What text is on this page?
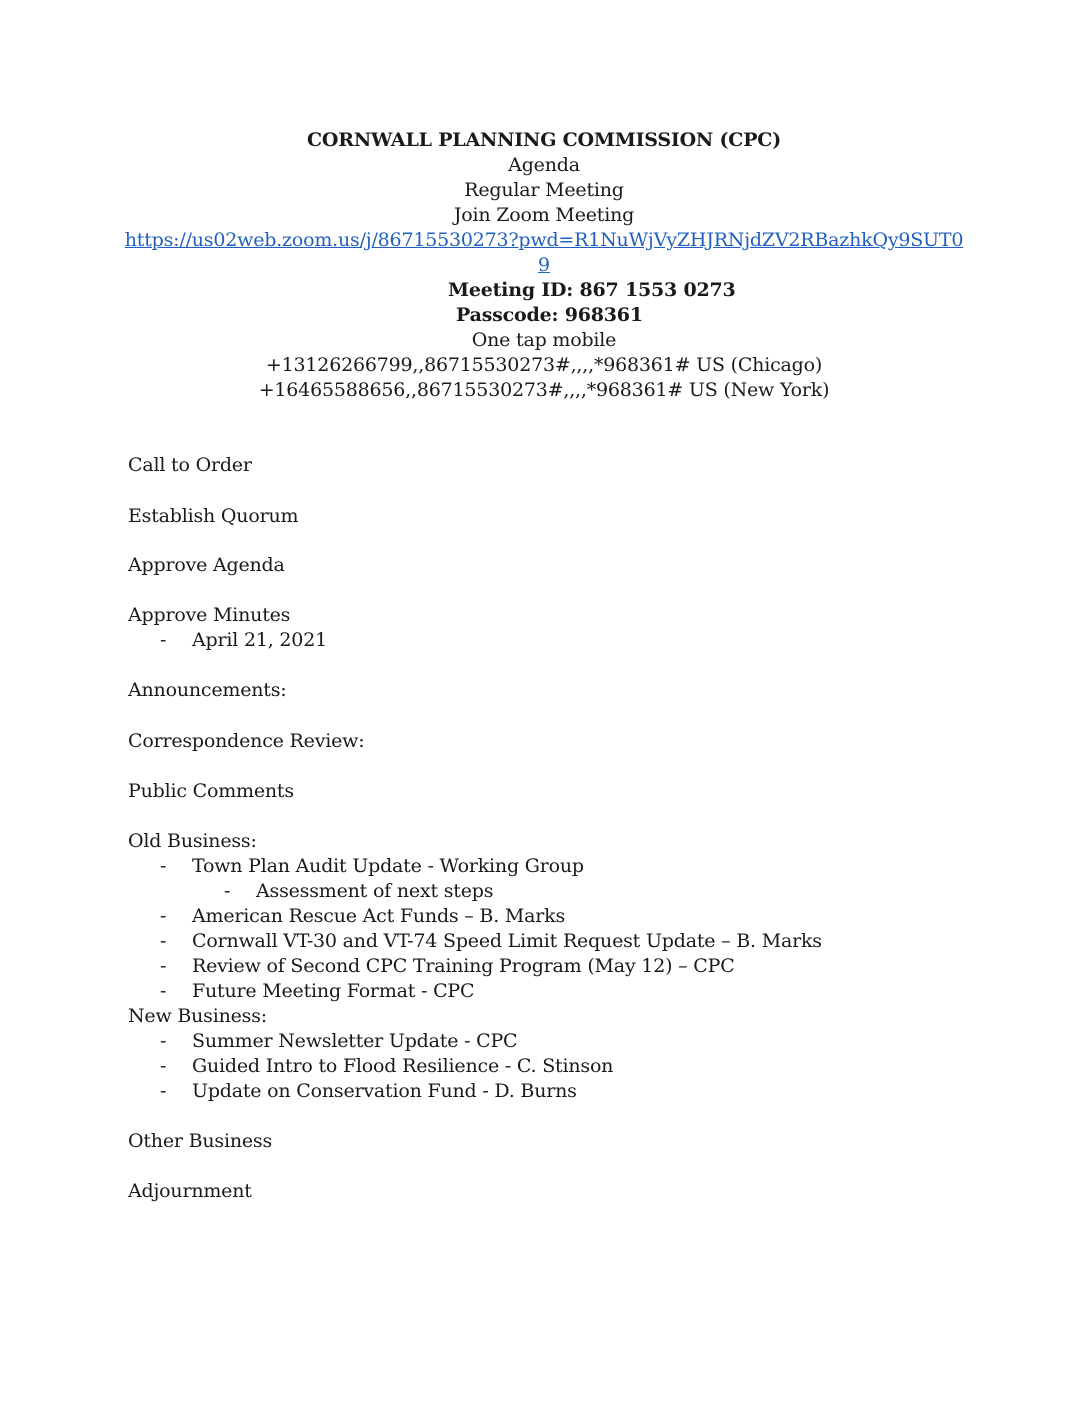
CORNWALL PLANNING COMMISSION (CPC)
Agenda
Regular Meeting
Join Zoom Meeting
https://us02web.zoom.us/j/86715530273?pwd=R1NuWjVyZHJRNjdZV2RBazhkQy9SUT0
9
Meeting ID: 867 1553 0273
Passcode: 968361
One tap mobile
+13126266799,,86715530273#,,,,*968361# US (Chicago)
+16465588656,,86715530273#,,,,*968361# US (New York)
Call to Order
Establish Quorum
Approve Agenda
Approve Minutes
- April 21, 2021
Announcements:
Correspondence Review:
Public Comments
Old Business:
- Town Plan Audit Update - Working Group
- Assessment of next steps
- American Rescue Act Funds – B. Marks
- Cornwall VT-30 and VT-74 Speed Limit Request Update – B. Marks
- Review of Second CPC Training Program (May 12) – CPC
- Future Meeting Format - CPC
New Business:
- Summer Newsletter Update - CPC
- Guided Intro to Flood Resilience - C. Stinson
- Update on Conservation Fund - D. Burns
Other Business
Adjournment
